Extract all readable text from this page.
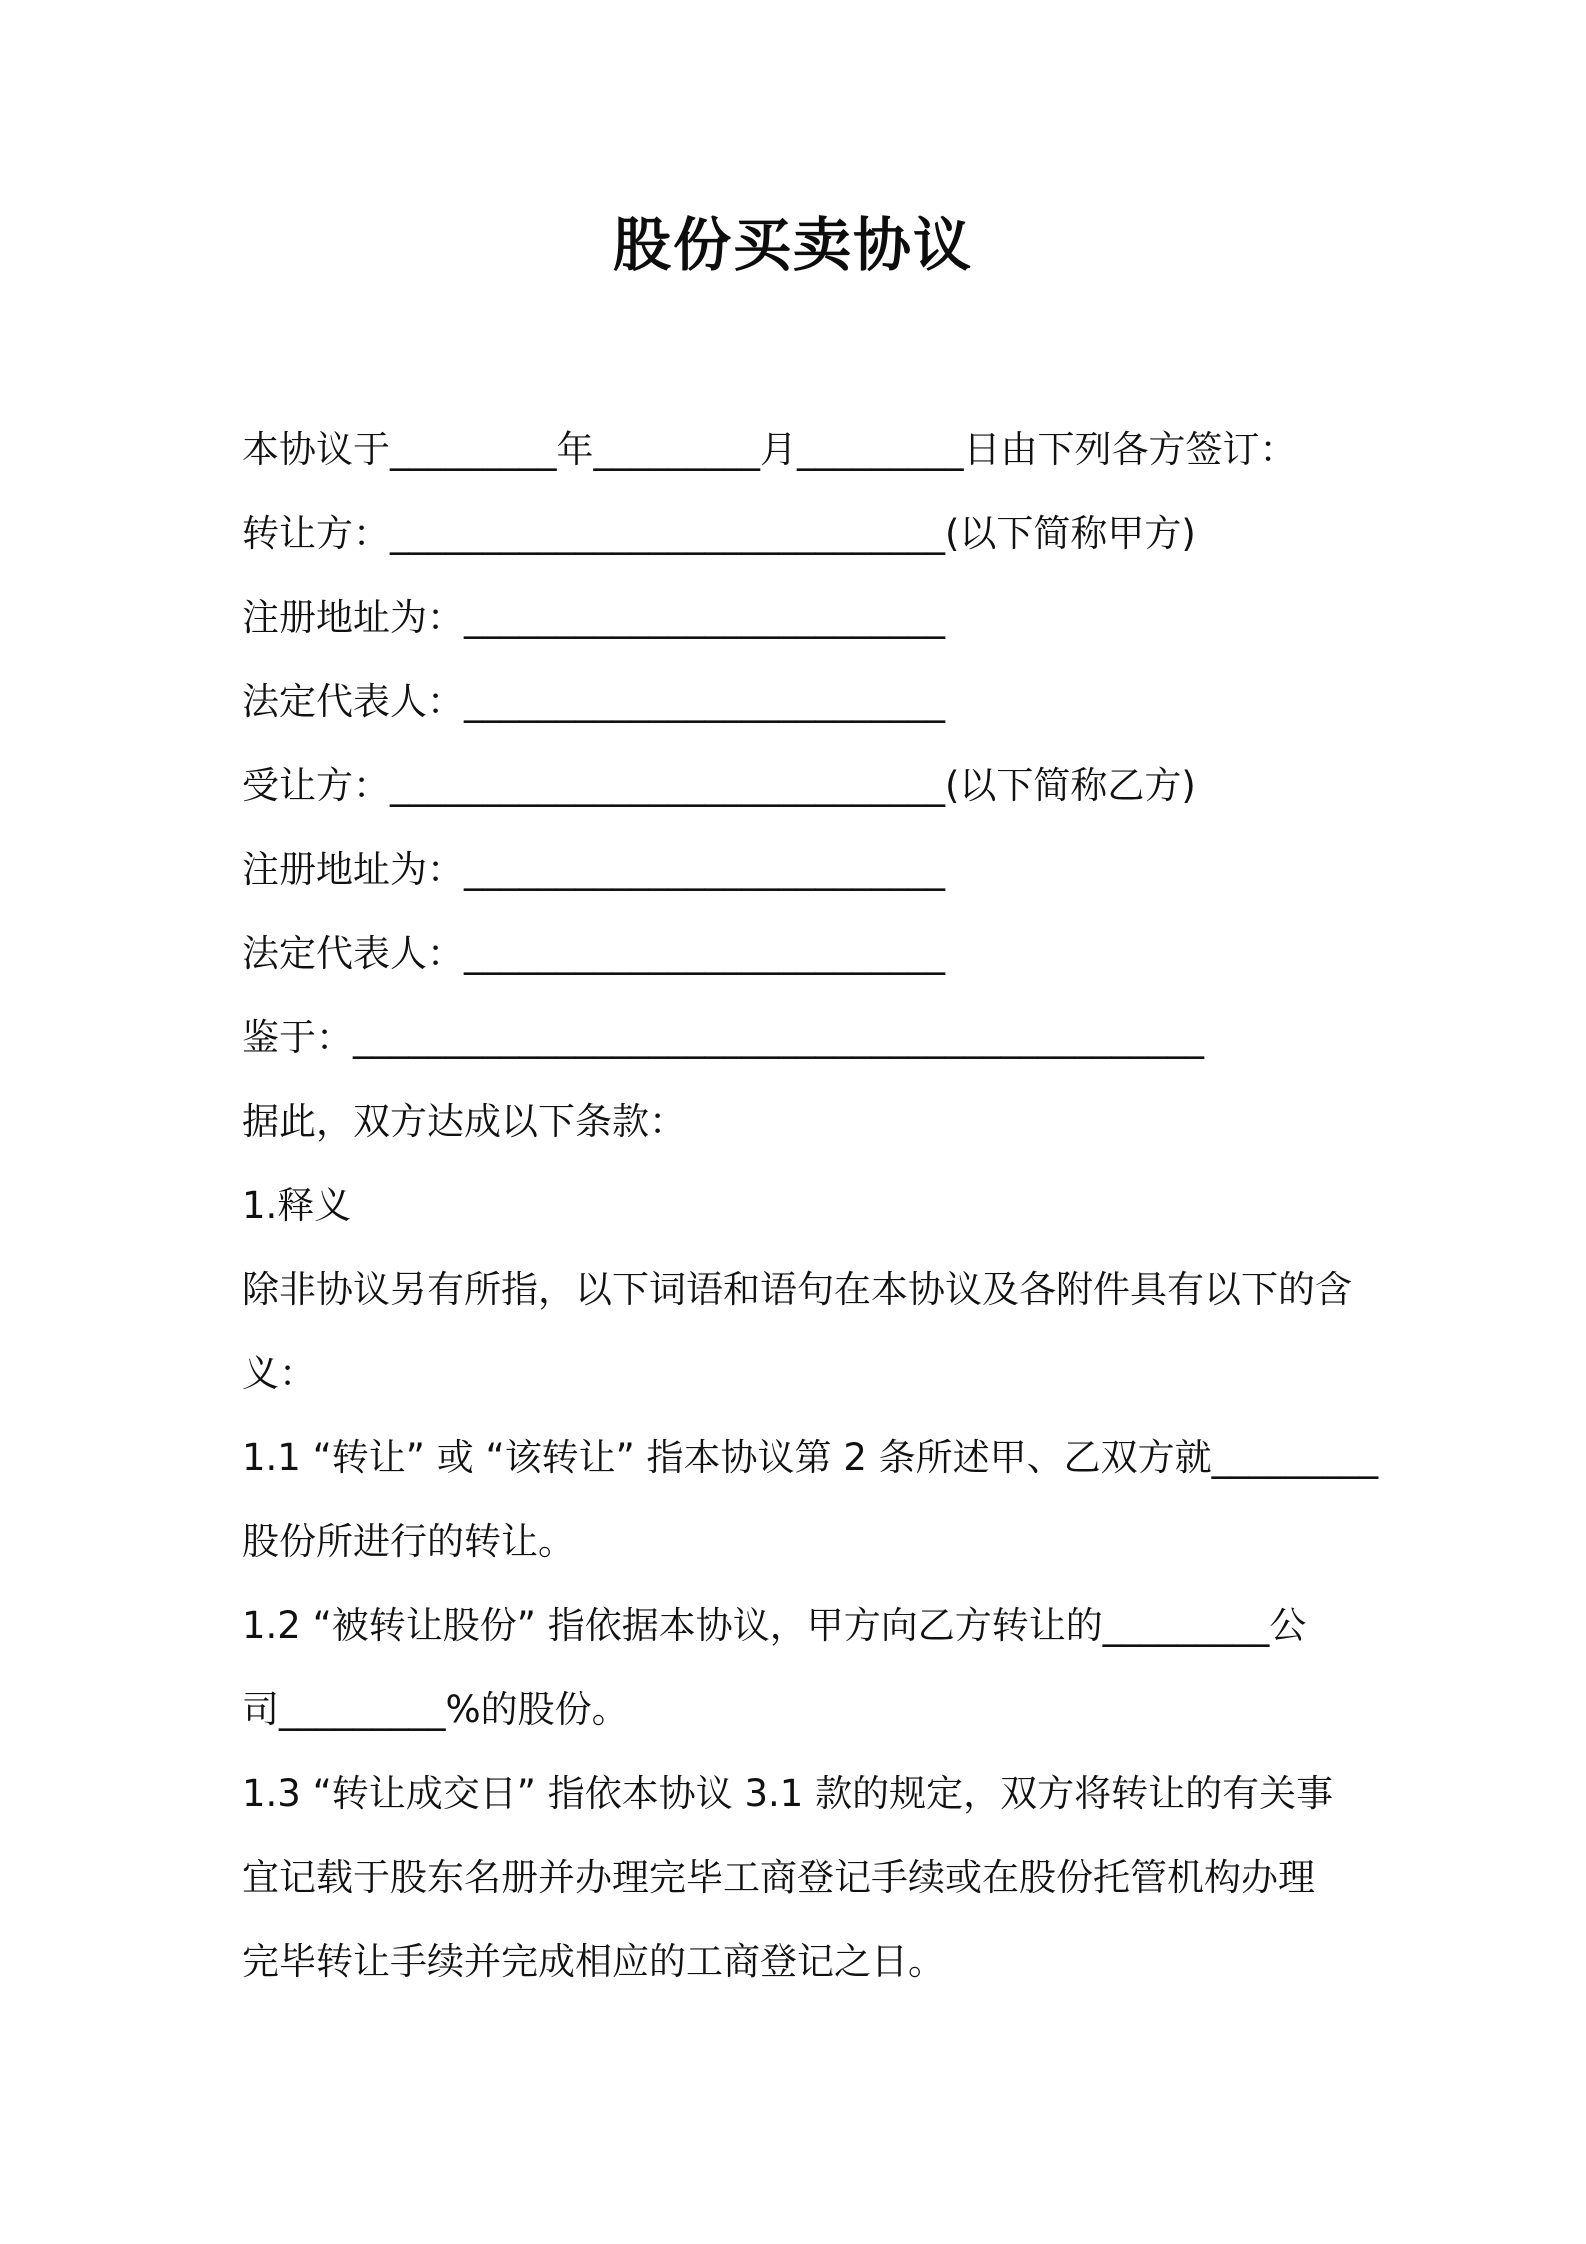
股份买卖协议

本协议于_________年_________月_________日由下列各方签订：

转让方：______________________________(以下简称甲方)

注册地址为：__________________________

法定代表人：__________________________

受让方：______________________________(以下简称乙方)

注册地址为：__________________________

法定代表人：__________________________

鉴于：______________________________________________

据此，双方达成以下条款：

1.释义

除非协议另有所指，以下词语和语句在本协议及各附件具有以下的含

义：

1.1 “转让” 或 “该转让” 指本协议第 2 条所述甲、乙双方就_________

股份所进行的转让。

1.2 “被转让股份” 指依据本协议，甲方向乙方转让的_________公

司_________%的股份。

1.3 “转让成交日” 指依本协议 3.1 款的规定，双方将转让的有关事

宜记载于股东名册并办理完毕工商登记手续或在股份托管机构办理

完毕转让手续并完成相应的工商登记之日。
